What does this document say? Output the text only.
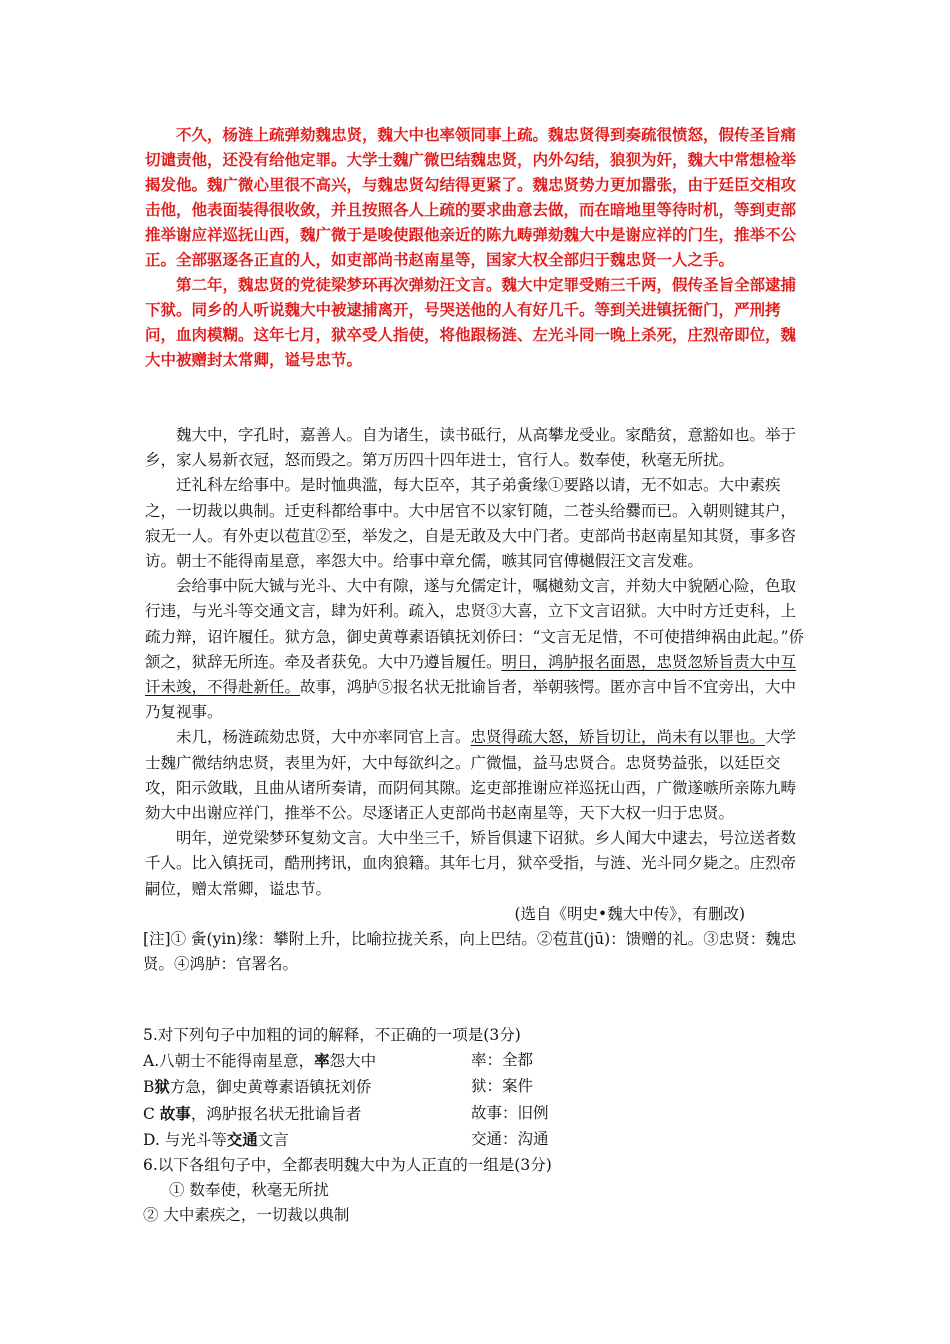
不久，杨涟上疏弹劾魏忠贤，魏大中也率领同事上疏。魏忠贤得到奏疏很愤怒，假传圣旨痛切谴责他，还没有给他定罪。大学士魏广微巴结魏忠贤，内外勾结，狼狈为奸，魏大中常想检举揭发他。魏广微心里很不高兴，与魏忠贤勾结得更紧了。魏忠贤势力更加嚣张，由于廷臣交相攻击他，他表面装得很收敛，并且按照各人上疏的要求曲意去做，而在暗地里等待时机，等到吏部推举谢应祥巡抚山西，魏广微于是唆使跟他亲近的陈九畴弹劾魏大中是谢应祥的门生，推举不公正。全部驱逐各正直的人，如吏部尚书赵南星等，国家大权全部归于魏忠贤一人之手。

第二年，魏忠贤的党徒梁梦环再次弹劾汪文言。魏大中定罪受贿三千两，假传圣旨全部逮捕下狱。同乡的人听说魏大中被逮捕离开，号哭送他的人有好几千。等到关进镇抚衙门，严刑拷问，血肉模糊。这年七月，狱卒受人指使，将他跟杨涟、左光斗同一晚上杀死，庄烈帝即位，魏大中被赠封太常卿，谥号忠节。

魏大中，字孔时，嘉善人。自为诸生，读书砥行，从高攀龙受业。家酷贫，意豁如也。举于乡，家人易新衣冠，怒而毁之。第万历四十四年进士，官行人。数奉使，秋毫无所扰。

迁礼科左给事中。是时恤典滥，每大臣卒，其子弟夤缘①要路以请，无不如志。大中素疾之，一切裁以典制。迁吏科都给事中。大中居官不以家钉随，二苍头给爨而已。入朝则键其户，寂无一人。有外吏以苞苴②至，举发之，自是无敢及大中门者。吏部尚书赵南星知其贤，事多咨访。朝士不能得南星意，率怨大中。给事中章允儒，嗾其同官傅樾假汪文言发难。

会给事中阮大铖与光斗、大中有隙，遂与允儒定计，嘱樾劾文言，并劾大中貌陋心险，色取行违，与光斗等交通文言，肆为奸利。疏入，忠贤③大喜，立下文言诏狱。大中时方迁吏科，上疏力辩，诏许履任。狱方急，御史黄尊素语镇抚刘侨曰：“文言无足惜，不可使措绅祸由此起。”侨颔之，狱辞无所连。牵及者获免。大中乃遵旨履任。明日，鸿胪报名面恩，忠贤忽矫旨责大中互讦未竣，不得赴新任。故事，鸿胪⑤报名状无批谕旨者，举朝骇愕。匿亦言中旨不宜旁出，大中乃复视事。

未几，杨涟疏劾忠贤，大中亦率同官上言。忠贤得疏大怒，矫旨切让，尚未有以罪也。大学士魏广微结纳忠贤，表里为奸，大中每欲纠之。广微愠，益马忠贤合。忠贤势益张，以廷臣交攻，阳示敛戢，且曲从诸所奏请，而阴伺其隙。迄吏部推谢应祥巡抚山西，广微遂嗾所亲陈九畴劾大中出谢应祥门，推举不公。尽逐诸正人吏部尚书赵南星等，天下大权一归于忠贤。

明年，逆党梁梦环复劾文言。大中坐三千，矫旨俱逮下诏狱。乡人闻大中逮去，号泣送者数千人。比入镇抚司，酷刑拷讯，血肉狼籍。其年七月，狱卒受指，与涟、光斗同夕毙之。庄烈帝嗣位，赠太常卿，谥忠节。

(选自《明史•魏大中传》，有删改)

[注]① 夤(yin)缘：攀附上升，比喻拉拢关系，向上巴结。②苞苴(jū)：馈赠的礼。③忠贤：魏忠贤。④鸿胪：官署名。

5.对下列句子中加粗的词的解释，不正确的一项是(3分)
A.八朝士不能得南星意，率怨大中	率：全都
B狱方急，御史黄尊素语镇抚刘侨	狱：案件
C 故事，鸿胪报名状无批谕旨者	故事：旧例
D. 与光斗等交通文言	交通：沟通
6.以下各组句子中，全都表明魏大中为人正直的一组是(3分)
① 数奉使，秋毫无所扰
② 大中素疾之，一切裁以典制
